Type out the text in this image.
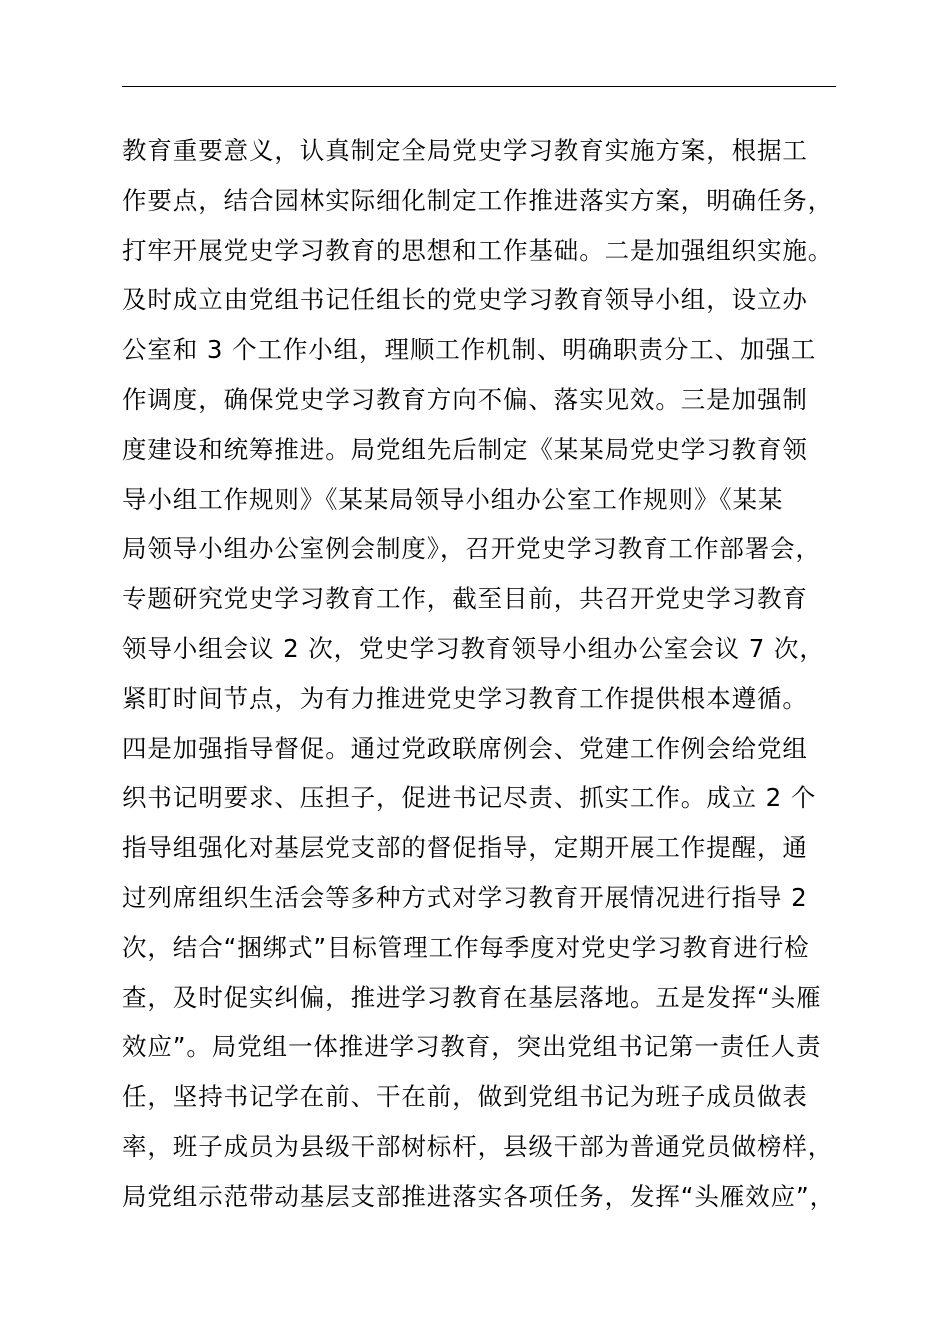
教育重要意义，认真制定全局党史学习教育实施方案，根据工
作要点，结合园林实际细化制定工作推进落实方案，明确任务，
打牢开展党史学习教育的思想和工作基础。二是加强组织实施。
及时成立由党组书记任组长的党史学习教育领导小组，设立办
公室和 3 个工作小组，理顺工作机制、明确职责分工、加强工
作调度，确保党史学习教育方向不偏、落实见效。三是加强制
度建设和统筹推进。局党组先后制定《某某局党史学习教育领
导小组工作规则》《某某局领导小组办公室工作规则》《某某
局领导小组办公室例会制度》，召开党史学习教育工作部署会，
专题研究党史学习教育工作，截至目前，共召开党史学习教育
领导小组会议 2 次，党史学习教育领导小组办公室会议 7 次，
紧盯时间节点，为有力推进党史学习教育工作提供根本遵循。
四是加强指导督促。通过党政联席例会、党建工作例会给党组
织书记明要求、压担子，促进书记尽责、抓实工作。成立 2 个
指导组强化对基层党支部的督促指导，定期开展工作提醒，通
过列席组织生活会等多种方式对学习教育开展情况进行指导 2
次，结合“捆绑式”目标管理工作每季度对党史学习教育进行检
查，及时促实纠偏，推进学习教育在基层落地。五是发挥“头雁
效应”。局党组一体推进学习教育，突出党组书记第一责任人责
任，坚持书记学在前、干在前，做到党组书记为班子成员做表
率，班子成员为县级干部树标杆，县级干部为普通党员做榜样，
局党组示范带动基层支部推进落实各项任务，发挥“头雁效应”，
